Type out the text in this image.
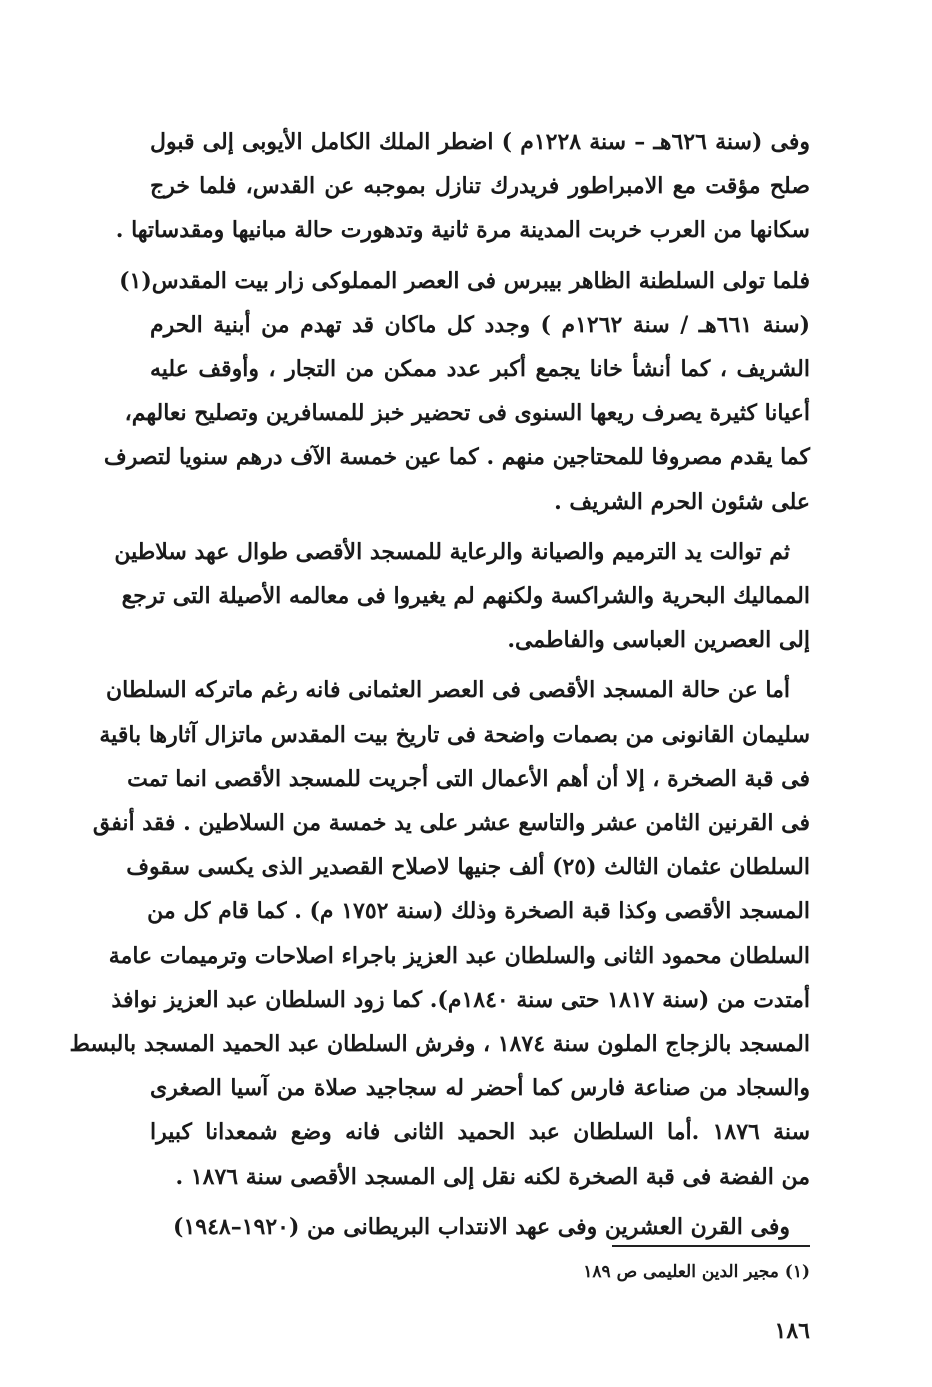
وفى (سنة ٦٢٦هـ – سنة ١٢٢٨م ) اضطر الملك الكامل الأيوبى إلى قبول
صلح مؤقت مع الامبراطور فريدرك تنازل بموجبه عن القدس، فلما خرج
سكانها من العرب خربت المدينة مرة ثانية وتدهورت حالة مبانيها ومقدساتها .
فلما تولى السلطنة الظاهر بيبرس فى العصر المملوكى زار بيت المقدس(١)
(سنة ٦٦١هـ / سنة ١٢٦٢م ) وجدد كل ماكان قد تهدم من أبنية الحرم
الشريف ، كما أنشأ خانا يجمع أكبر عدد ممكن من التجار ، وأوقف عليه
أعيانا كثيرة يصرف ريعها السنوى فى تحضير خبز للمسافرين وتصليح نعالهم،
كما يقدم مصروفا للمحتاجين منهم . كما عين خمسة الآف درهم سنويا لتصرف
على شئون الحرم الشريف .
ثم توالت يد الترميم والصيانة والرعاية للمسجد الأقصى طوال عهد سلاطين
المماليك البحرية والشراكسة ولكنهم لم يغيروا فى معالمه الأصيلة التى ترجع
إلى العصرين العباسى والفاطمى.
أما عن حالة المسجد الأقصى فى العصر العثمانى فانه رغم ماتركه السلطان
سليمان القانونى من بصمات واضحة فى تاريخ بيت المقدس ماتزال آثارها باقية
فى قبة الصخرة ، إلا أن أهم الأعمال التى أجريت للمسجد الأقصى انما تمت
فى القرنين الثامن عشر والتاسع عشر على يد خمسة من السلاطين . فقد أنفق
السلطان عثمان الثالث (٢٥) ألف جنيها لاصلاح القصدير الذى يكسى سقوف
المسجد الأقصى وكذا قبة الصخرة وذلك (سنة ١٧٥٢ م) . كما قام كل من
السلطان محمود الثانى والسلطان عبد العزيز باجراء اصلاحات وترميمات عامة
أمتدت من (سنة ١٨١٧ حتى سنة ١٨٤٠م). كما زود السلطان عبد العزيز نوافذ
المسجد بالزجاج الملون سنة ١٨٧٤ ، وفرش السلطان عبد الحميد المسجد بالبسط
والسجاد من صناعة فارس كما أحضر له سجاجيد صلاة من آسيا الصغرى
سنة ١٨٧٦ .أما السلطان عبد الحميد الثانى فانه وضع شمعدانا كبيرا
من الفضة فى قبة الصخرة لكنه نقل إلى المسجد الأقصى سنة ١٨٧٦ .
وفى القرن العشرين وفى عهد الانتداب البريطانى من (١٩٢٠–١٩٤٨)
(١) مجير الدين العليمى ص ١٨٩
١٨٦
